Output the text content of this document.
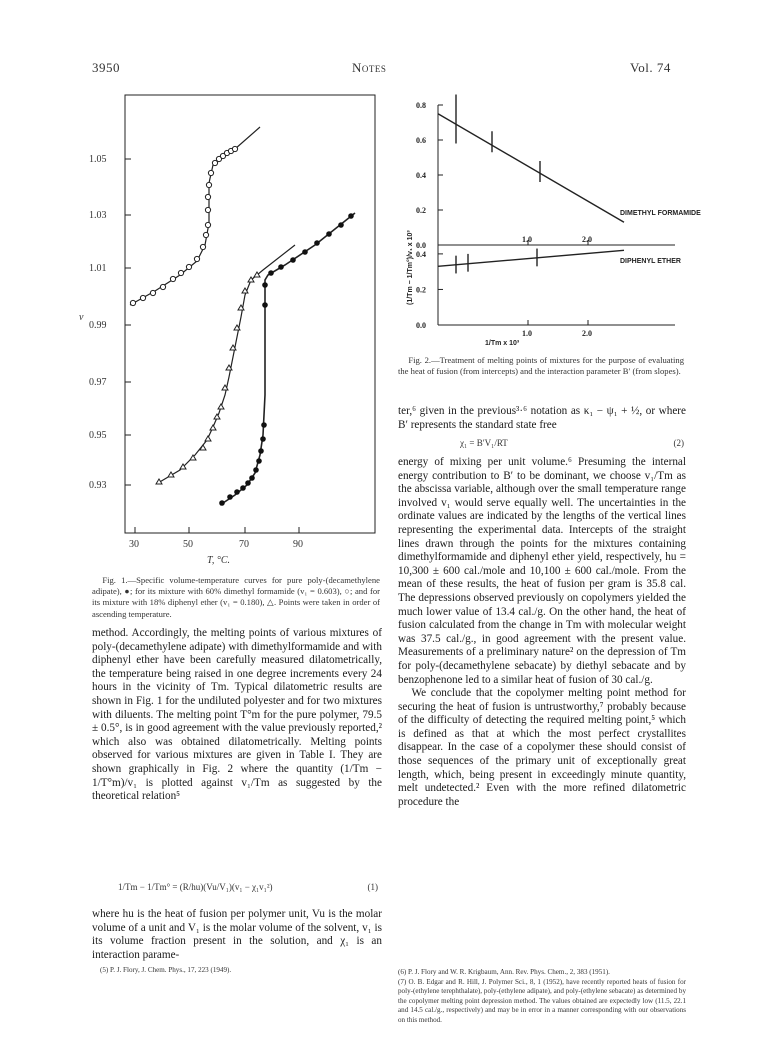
3950	Notes	Vol. 74
1.05
1.03
1.01
0.99
0.97
0.95
0.93
v
30	50	70	90
T, °C.
Fig. 1.—Specific volume-temperature curves for pure poly-(decamethylene adipate), ●; for its mixture with 60% dimethyl formamide (v₁ = 0.603), ○; and for its mixture with 18% diphenyl ether (v₁ = 0.180), △. Points were taken in order of ascending temperature.
0.8
0.6
0.4
0.2
0.0
0.4
0.2
0.0
1.0
1.0
2.0
2.0
DIMETHYL FORMAMIDE
DIPHENYL ETHER
1/Tm x 10³
(1/Tm − 1/Tm°)/v₁ x 10³
Fig. 2.—Treatment of melting points of mixtures for the purpose of evaluating the heat of fusion (from intercepts) and the interaction parameter B′ (from slopes).

method. Accordingly, the melting points of various mixtures of poly-(decamethylene adipate) with dimethylformamide and with diphenyl ether have been carefully measured dilatometrically, the temperature being raised in one degree increments every 24 hours in the vicinity of Tm. Typical dilatometric results are shown in Fig. 1 for the undiluted polyester and for two mixtures with diluents. The melting point T°m for the pure polymer, 79.5 ± 0.5°, is in good agreement with the value previously reported,² which also was obtained dilatometrically. Melting points observed for various mixtures are given in Table I. They are shown graphically in Fig. 2 where the quantity (1/Tm − 1/T°m)/v₁ is plotted against v₁/Tm as suggested by the theoretical relation⁵

1/Tm − 1/Tm° = (R/hu)(Vu/V₁)(v₁ − χ₁v₁²)	(1)

where hu is the heat of fusion per polymer unit, Vu is the molar volume of a unit and V₁ is the molar volume of the solvent, v₁ is its volume fraction present in the solution, and χ₁ is an interaction parame-

(5) P. J. Flory, J. Chem. Phys., 17, 223 (1949).

ter,⁶ given in the previous³·⁶ notation as κ₁ − ψ₁ + ½, or where B′ represents the standard state free

χ₁ = B′V₁/RT	(2)

energy of mixing per unit volume.⁶ Presuming the internal energy contribution to B′ to be dominant, we choose v₁/Tm as the abscissa variable, although over the small temperature range involved v₁ would serve equally well. The uncertainties in the ordinate values are indicated by the lengths of the vertical lines representing the experimental data. Intercepts of the straight lines drawn through the points for the mixtures containing dimethylformamide and diphenyl ether yield, respectively, hu = 10,300 ± 600 cal./mole and 10,100 ± 600 cal./mole. From the mean of these results, the heat of fusion per gram is 35.8 cal. The depressions observed previously on copolymers yielded the much lower value of 13.4 cal./g. On the other hand, the heat of fusion calculated from the change in Tm with molecular weight was 37.5 cal./g., in good agreement with the present value. Measurements of a preliminary nature² on the depression of Tm for poly-(decamethylene sebacate) by diethyl sebacate and by benzophenone led to a similar heat of fusion of 30 cal./g.

We conclude that the copolymer melting point method for securing the heat of fusion is untrustworthy,⁷ probably because of the difficulty of detecting the required melting point,⁵ which is defined as that at which the most perfect crystallites disappear. In the case of a copolymer these should consist of those sequences of the primary unit of exceptionally great length, which, being present in exceedingly minute quantity, melt undetected.² Even with the more refined dilatometric procedure the

(6) P. J. Flory and W. R. Krigbaum, Ann. Rev. Phys. Chem., 2, 383 (1951).

(7) O. B. Edgar and R. Hill, J. Polymer Sci., 8, 1 (1952), have recently reported heats of fusion for poly-(ethylene terephthalate), poly-(ethylene adipate), and poly-(ethylene sebacate) as determined by the copolymer melting point depression method. The values obtained are expectedly low (11.5, 22.1 and 14.5 cal./g., respectively) and may be in error in a manner corresponding with our observations on this method.
